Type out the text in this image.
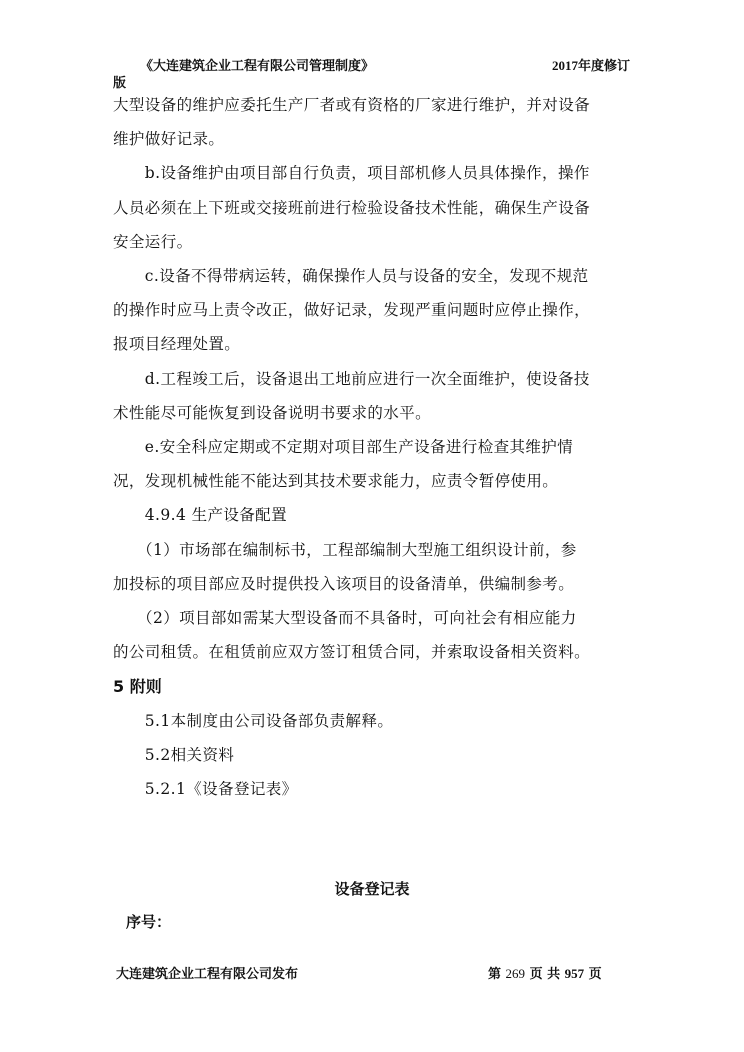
《大连建筑企业工程有限公司管理制度》	2017年度修订
版
大型设备的维护应委托生产厂者或有资格的厂家进行维护，并对设备
维护做好记录。
　　b.设备维护由项目部自行负责，项目部机修人员具体操作，操作
人员必须在上下班或交接班前进行检验设备技术性能，确保生产设备
安全运行。
　　c.设备不得带病运转，确保操作人员与设备的安全，发现不规范
的操作时应马上责令改正，做好记录，发现严重问题时应停止操作，
报项目经理处置。
　　d.工程竣工后，设备退出工地前应进行一次全面维护，使设备技
术性能尽可能恢复到设备说明书要求的水平。
　　e.安全科应定期或不定期对项目部生产设备进行检查其维护情
况，发现机械性能不能达到其技术要求能力，应责令暂停使用。
　　4.9.4 生产设备配置
　　（1）市场部在编制标书，工程部编制大型施工组织设计前，参
加投标的项目部应及时提供投入该项目的设备清单，供编制参考。
　　（2）项目部如需某大型设备而不具备时，可向社会有相应能力
的公司租赁。在租赁前应双方签订租赁合同，并索取设备相关资料。
5 附则
　　5.1本制度由公司设备部负责解释。
　　5.2相关资料
　　5.2.1《设备登记表》
设备登记表
序号：
大连建筑企业工程有限公司发布	第 269 页 共 957 页
